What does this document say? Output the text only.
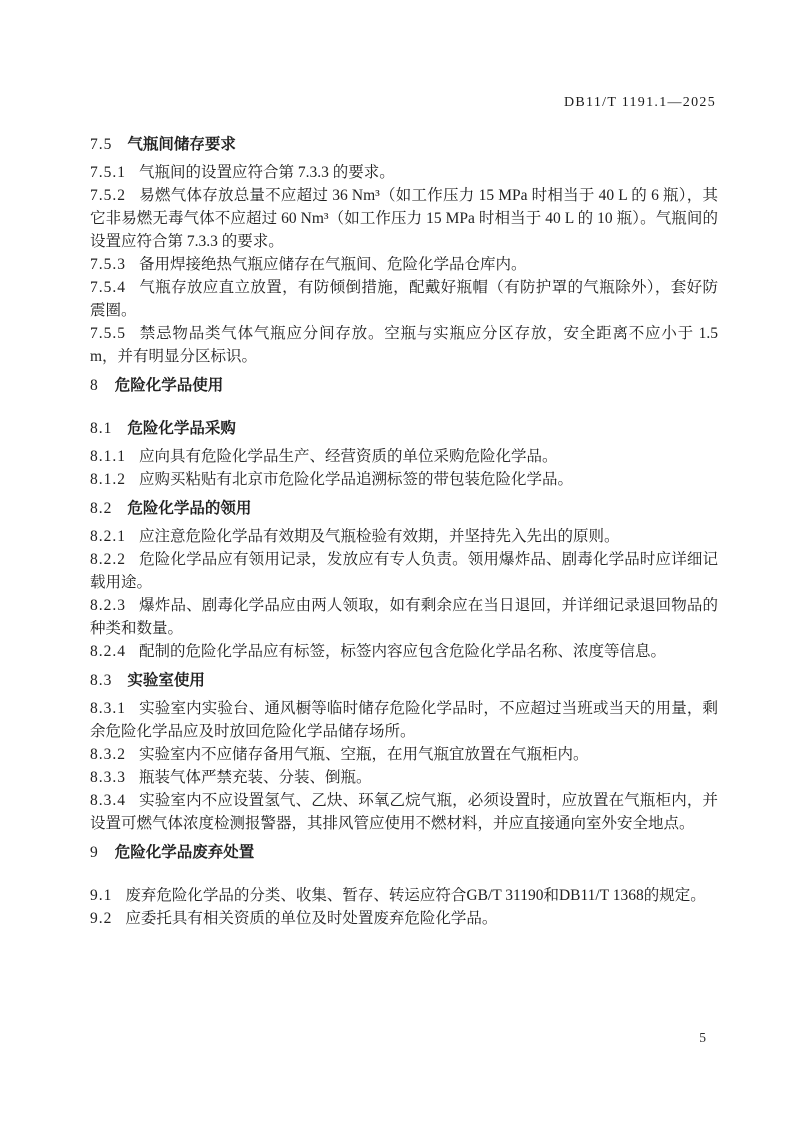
DB11/T 1191.1—2025
7.5 气瓶间储存要求

7.5.1 气瓶间的设置应符合第 7.3.3 的要求。

7.5.2 易燃气体存放总量不应超过 36 Nm³（如工作压力 15 MPa 时相当于 40 L 的 6 瓶），其它非易燃无毒气体不应超过 60 Nm³（如工作压力 15 MPa 时相当于 40 L 的 10 瓶）。气瓶间的设置应符合第 7.3.3 的要求。

7.5.3 备用焊接绝热气瓶应储存在气瓶间、危险化学品仓库内。

7.5.4 气瓶存放应直立放置，有防倾倒措施，配戴好瓶帽（有防护罩的气瓶除外），套好防震圈。

7.5.5 禁忌物品类气体气瓶应分间存放。空瓶与实瓶应分区存放，安全距离不应小于 1.5 m，并有明显分区标识。

8 危险化学品使用
8.1 危险化学品采购

8.1.1 应向具有危险化学品生产、经营资质的单位采购危险化学品。

8.1.2 应购买粘贴有北京市危险化学品追溯标签的带包装危险化学品。

8.2 危险化学品的领用

8.2.1 应注意危险化学品有效期及气瓶检验有效期，并坚持先入先出的原则。

8.2.2 危险化学品应有领用记录，发放应有专人负责。领用爆炸品、剧毒化学品时应详细记载用途。

8.2.3 爆炸品、剧毒化学品应由两人领取，如有剩余应在当日退回，并详细记录退回物品的种类和数量。

8.2.4 配制的危险化学品应有标签，标签内容应包含危险化学品名称、浓度等信息。

8.3 实验室使用

8.3.1 实验室内实验台、通风橱等临时储存危险化学品时，不应超过当班或当天的用量，剩余危险化学品应及时放回危险化学品储存场所。

8.3.2 实验室内不应储存备用气瓶、空瓶，在用气瓶宜放置在气瓶柜内。

8.3.3 瓶装气体严禁充装、分装、倒瓶。

8.3.4 实验室内不应设置氢气、乙炔、环氧乙烷气瓶，必须设置时，应放置在气瓶柜内，并设置可燃气体浓度检测报警器，其排风管应使用不燃材料，并应直接通向室外安全地点。

9 危险化学品废弃处置

9.1 废弃危险化学品的分类、收集、暂存、转运应符合GB/T 31190和DB11/T 1368的规定。

9.2 应委托具有相关资质的单位及时处置废弃危险化学品。

5
